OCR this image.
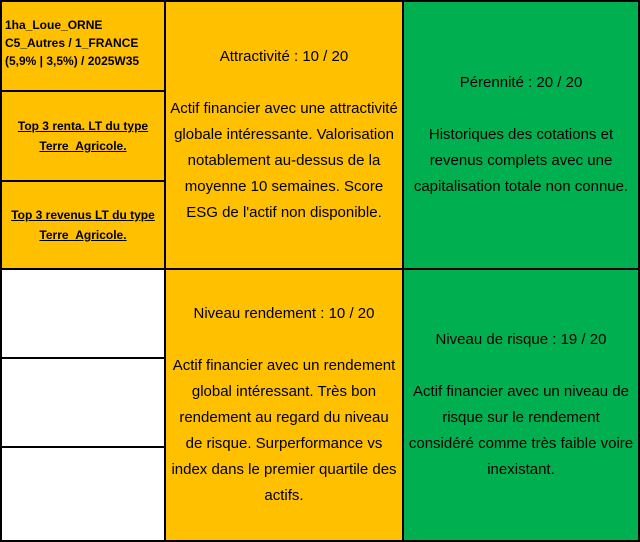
1ha_Loue_ORNE
C5_Autres / 1_FRANCE
(5,9% | 3,5%) / 2025W35
Top 3 renta. LT du type
Terre_Agricole.
Top 3 revenus LT du type
Terre_Agricole.
Attractivité : 10 / 20
Actif financier avec une attractivité globale intéressante. Valorisation notablement au-dessus de la moyenne 10 semaines. Score ESG de l'actif non disponible.
Pérennité : 20 / 20
Historiques des cotations et revenus complets avec une capitalisation totale non connue.
Niveau rendement : 10 / 20
Actif financier avec un rendement global intéressant. Très bon rendement au regard du niveau de risque. Surperformance vs index dans le premier quartile des actifs.
Niveau de risque : 19 / 20
Actif financier avec un niveau de risque sur le rendement considéré comme très faible voire inexistant.
